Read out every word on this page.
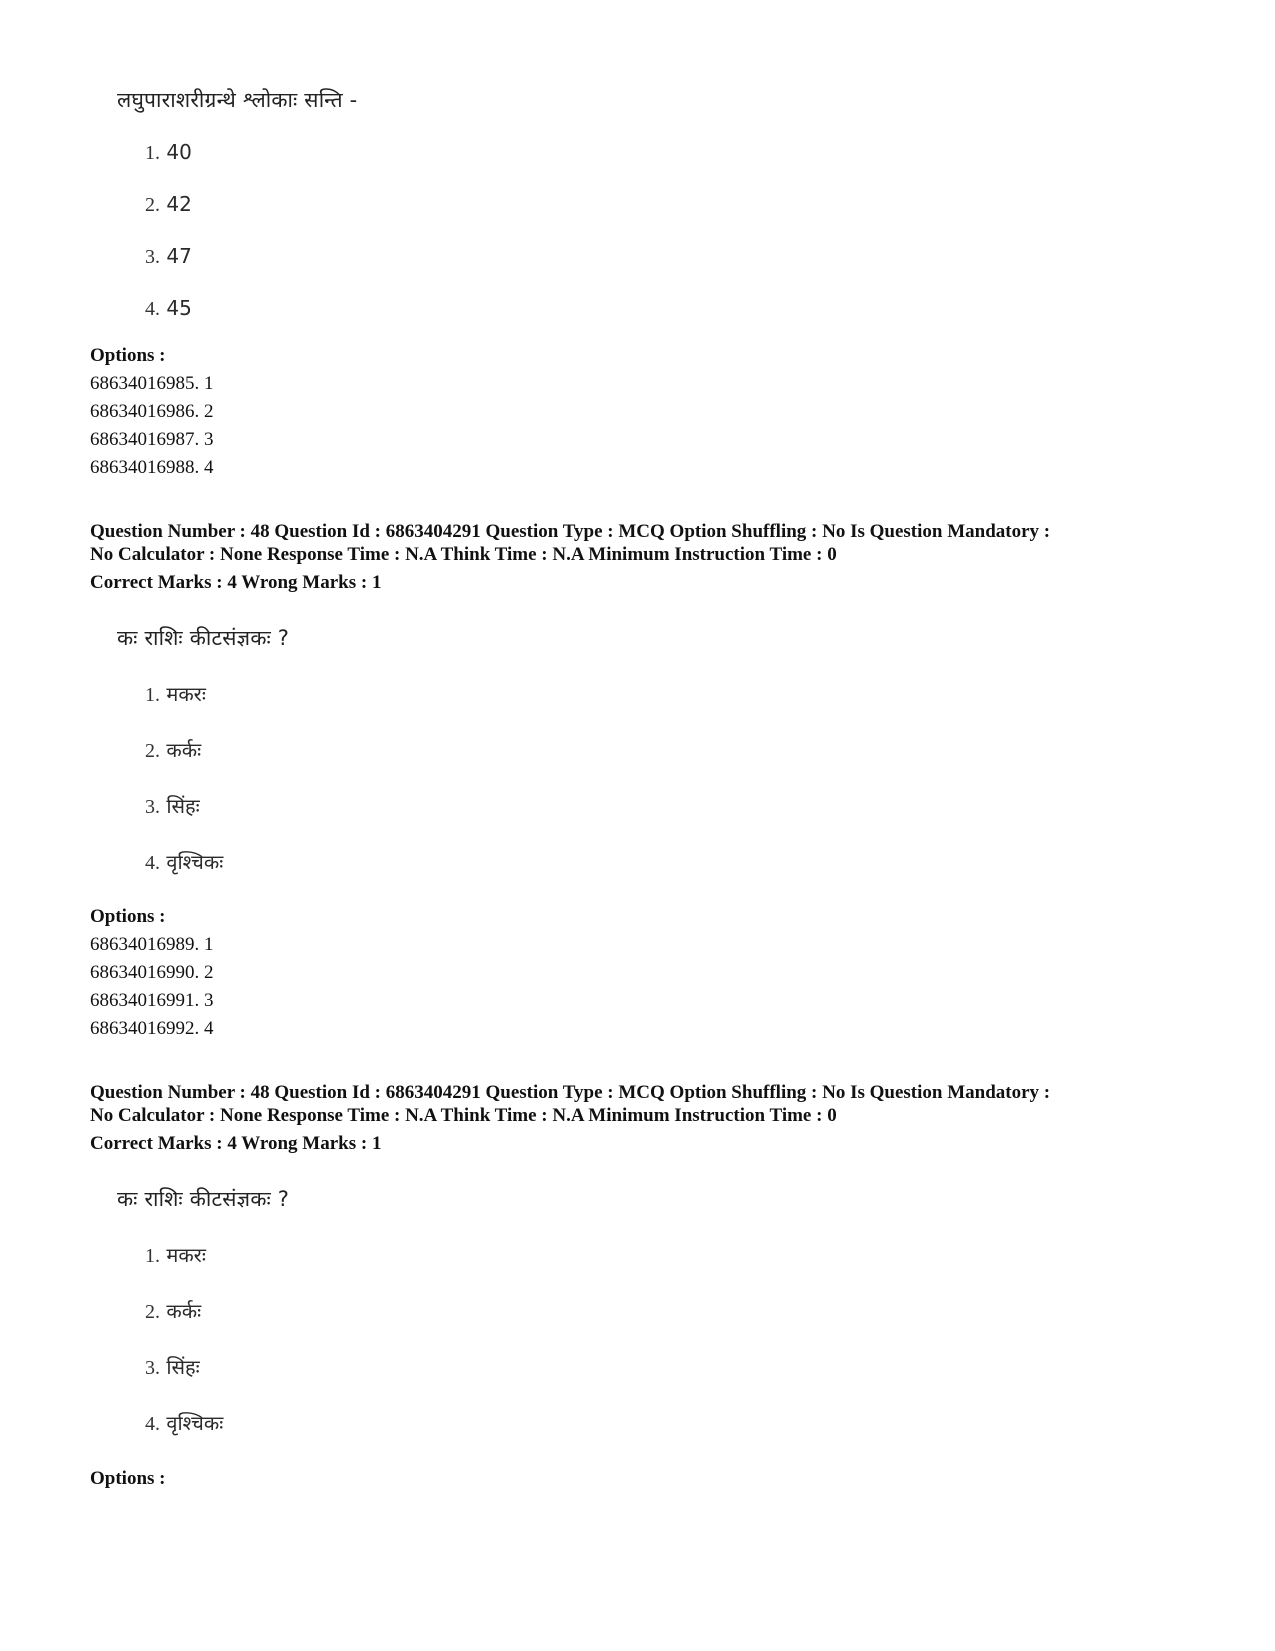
लघुपाराशरीग्रन्थे श्लोकाः सन्ति -
1. 40
2. 42
3. 47
4. 45
Options :
68634016985. 1
68634016986. 2
68634016987. 3
68634016988. 4
Question Number : 48 Question Id : 6863404291 Question Type : MCQ Option Shuffling : No Is Question Mandatory :
No Calculator : None Response Time : N.A Think Time : N.A Minimum Instruction Time : 0
Correct Marks : 4 Wrong Marks : 1
कः राशिः कीटसंज्ञकः ?
1. मकरः
2. कर्कः
3. सिंहः
4. वृश्चिकः
Options :
68634016989. 1
68634016990. 2
68634016991. 3
68634016992. 4
Question Number : 48 Question Id : 6863404291 Question Type : MCQ Option Shuffling : No Is Question Mandatory :
No Calculator : None Response Time : N.A Think Time : N.A Minimum Instruction Time : 0
Correct Marks : 4 Wrong Marks : 1
कः राशिः कीटसंज्ञकः ?
1. मकरः
2. कर्कः
3. सिंहः
4. वृश्चिकः
Options :
